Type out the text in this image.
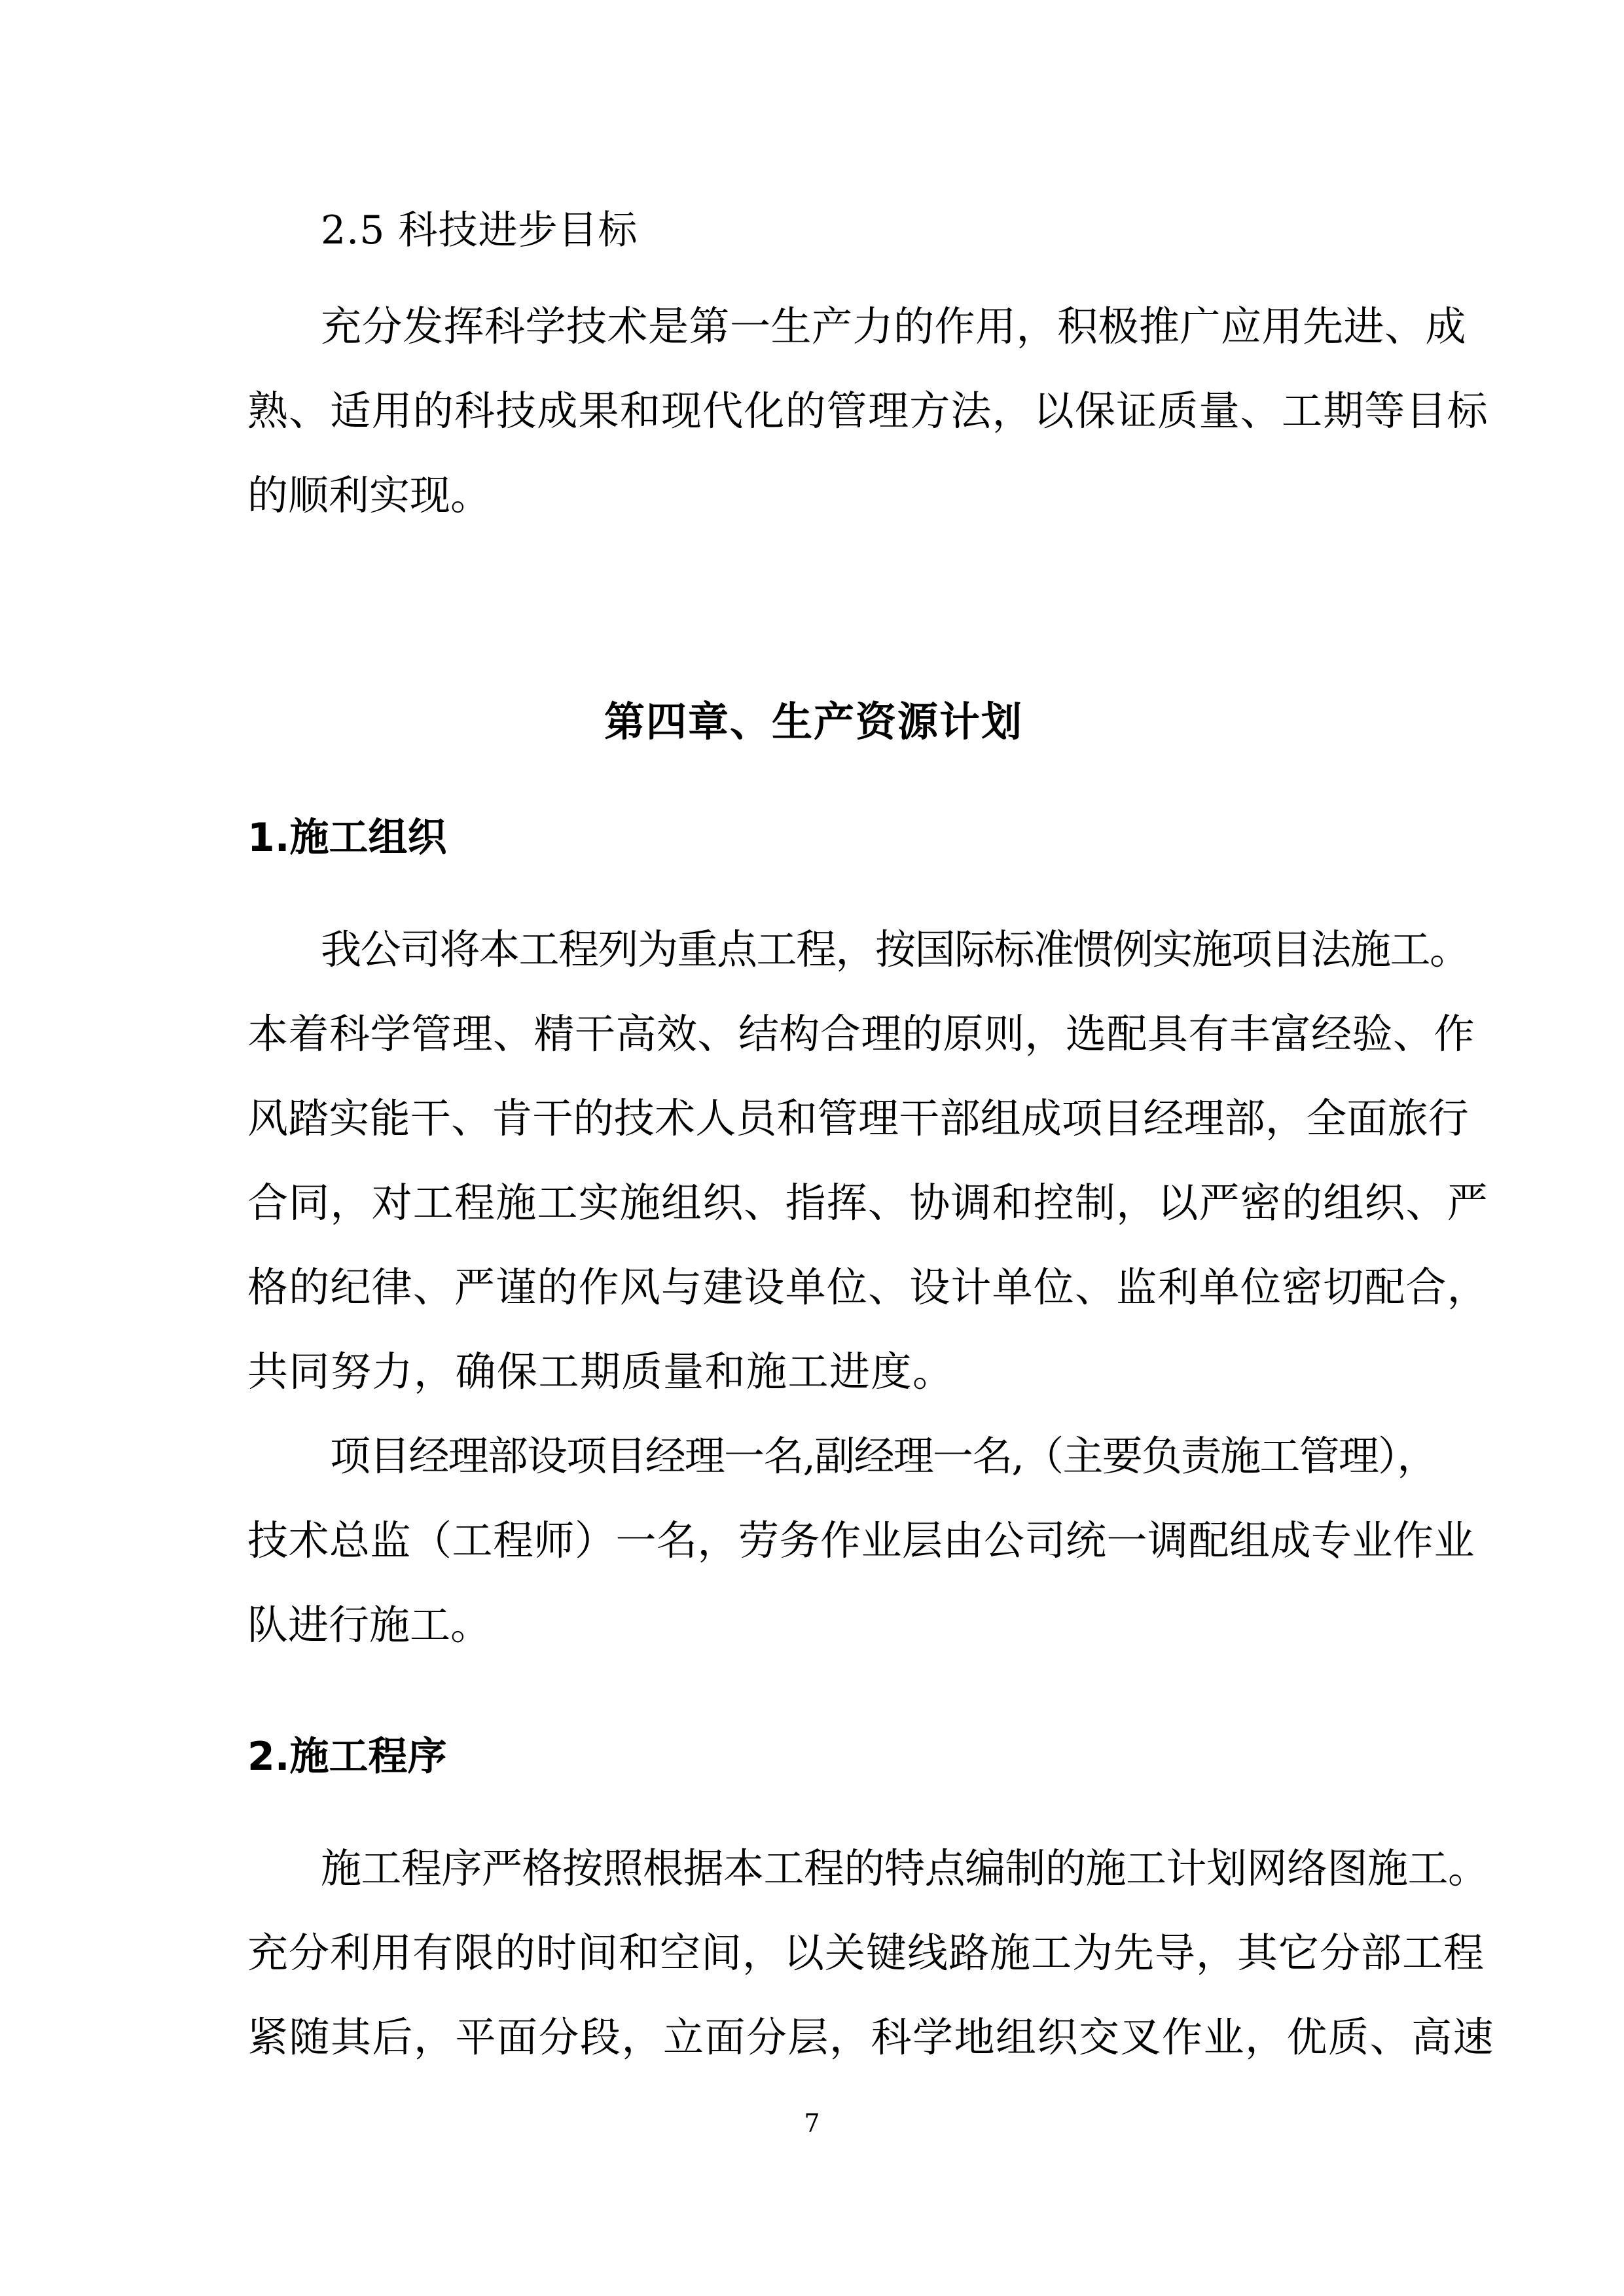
2.5 科技进步目标
充分发挥科学技术是第一生产力的作用，积极推广应用先进、成
熟、适用的科技成果和现代化的管理方法，以保证质量、工期等目标
的顺利实现。
第四章、生产资源计划
1.施工组织
我公司将本工程列为重点工程，按国际标准惯例实施项目法施工。
本着科学管理、精干高效、结构合理的原则，选配具有丰富经验、作
风踏实能干、肯干的技术人员和管理干部组成项目经理部，全面旅行
合同，对工程施工实施组织、指挥、协调和控制，以严密的组织、严
格的纪律、严谨的作风与建设单位、设计单位、监利单位密切配合，
共同努力，确保工期质量和施工进度。
项目经理部设项目经理一名,副经理一名,（主要负责施工管理），
技术总监（工程师）一名，劳务作业层由公司统一调配组成专业作业
队进行施工。
2.施工程序
施工程序严格按照根据本工程的特点编制的施工计划网络图施工。
充分利用有限的时间和空间，以关键线路施工为先导，其它分部工程
紧随其后，平面分段，立面分层，科学地组织交叉作业，优质、高速
7
